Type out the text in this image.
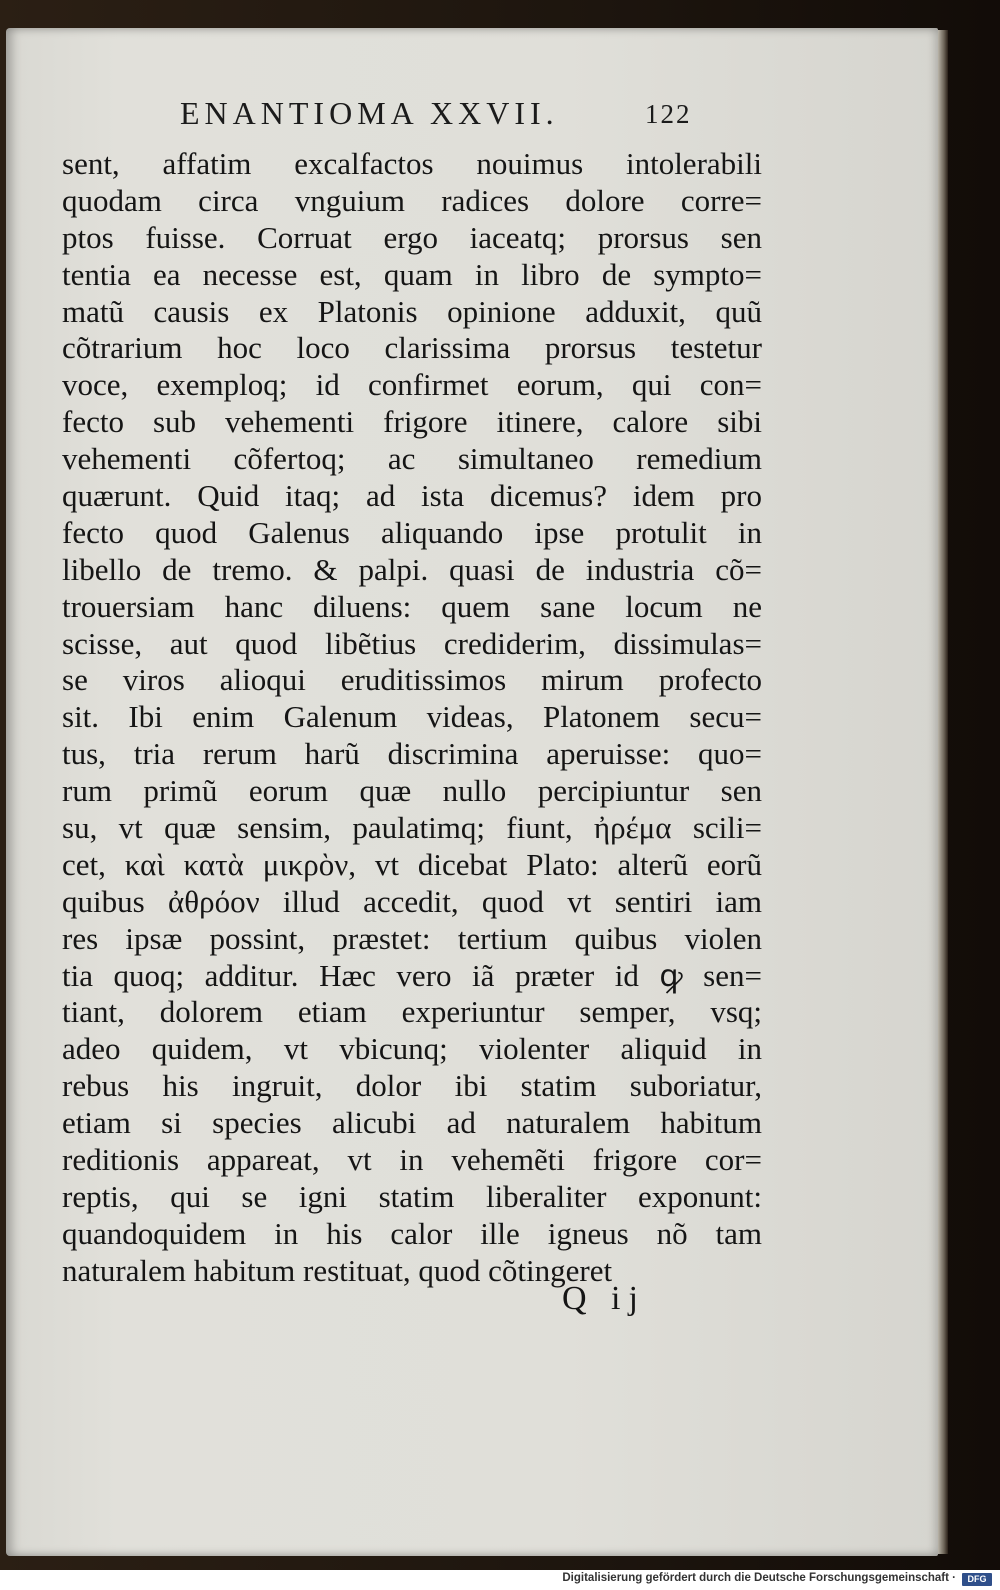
ENANTIOMA XXVII.	122
sent, affatim excalfactos nouimus intolerabili
quodam circa vnguium radices dolore corre=
ptos fuisse. Corruat ergo iaceatq; prorsus sen
tentia ea necesse est, quam in libro de sympto=
matũ causis ex Platonis opinione adduxit, quũ
cõtrarium hoc loco clarissima prorsus testetur
voce, exemploq; id confirmet eorum, qui con=
fecto sub vehementi frigore itinere, calore sibi
vehementi cõfertoq; ac simultaneo remedium
quærunt. Quid itaq; ad ista dicemus? idem pro
fecto quod Galenus aliquando ipse protulit in
libello de tremo. & palpi. quasi de industria cõ=
trouersiam hanc diluens: quem sane locum ne
scisse, aut quod libẽtius crediderim, dissimulas=
se viros alioqui eruditissimos mirum profecto
sit. Ibi enim Galenum videas, Platonem secu=
tus, tria rerum harũ discrimina aperuisse: quo=
rum primũ eorum quæ nullo percipiuntur sen
su, vt quæ sensim, paulatimq; fiunt, ἠρέμα scili=
cet, καὶ κατὰ μικρὸν, vt dicebat Plato: alterũ eorũ
quibus ἀθρόον illud accedit, quod vt sentiri iam
res ipsæ possint, præstet: tertium quibus violen
tia quoq; additur. Hæc vero iã præter id ꝙ sen=
tiant, dolorem etiam experiuntur semper, vsq;
adeo quidem, vt vbicunq; violenter aliquid in
rebus his ingruit, dolor ibi statim suboriatur,
etiam si species alicubi ad naturalem habitum
reditionis appareat, vt in vehemẽti frigore cor=
reptis, qui se igni statim liberaliter exponunt:
quandoquidem in his calor ille igneus nõ tam
naturalem habitum restituat, quod cõtingeret
Q ij
Digitalisierung gefördert durch die Deutsche Forschungsgemeinschaft ·	DFG
